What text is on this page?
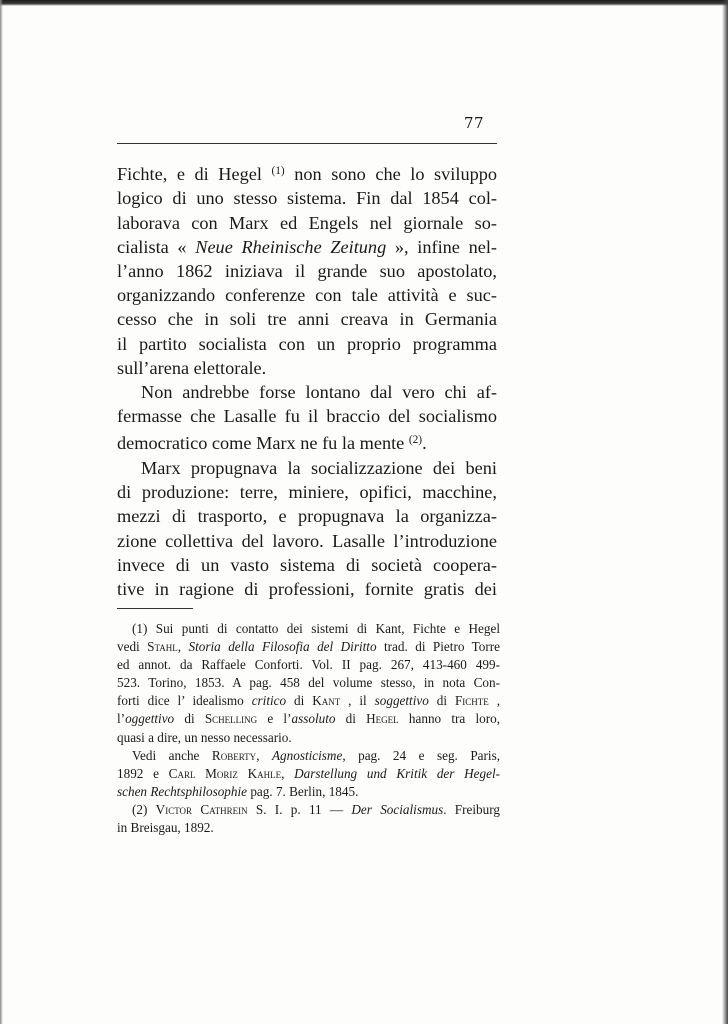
77

Fichte, e di Hegel $^{(1)}$ non sono che lo sviluppo
logico di uno stesso sistema. Fin dal 1854 col-
laborava con Marx ed Engels nel giornale so-
cialista « Neue Rheinische Zeitung », infine nel-
l’anno 1862 iniziava il grande suo apostolato,
organizzando conferenze con tale attività e suc-
cesso che in soli tre anni creava in Germania
il partito socialista con un proprio programma
sull’arena elettorale.

Non andrebbe forse lontano dal vero chi af-
fermasse che Lasalle fu il braccio del socialismo
democratico come Marx ne fu la mente $^{(2)}$.

Marx propugnava la socializzazione dei beni
di produzione: terre, miniere, opifici, macchine,
mezzi di trasporto, e propugnava la organizza-
zione collettiva del lavoro. Lasalle l’introduzione
invece di un vasto sistema di società coopera-
tive in ragione di professioni, fornite gratis dei

(1) Sui punti di contatto dei sistemi di Kant, Fichte e Hegel
vedi Stahl, Storia della Filosofia del Diritto trad. di Pietro Torre
ed annot. da Raffaele Conforti. Vol. II pag. 267, 413-460 499-
523. Torino, 1853. A pag. 458 del volume stesso, in nota Con-
forti dice l’ idealismo critico di Kant , il soggettivo di Fichte ,
l’oggettivo di Schelling e l’assoluto di Hegel hanno tra loro,
quasi a dire, un nesso necessario.
Vedi anche Roberty, Agnosticisme, pag. 24 e seg. Paris,
1892 e Carl Moriz Kahle, Darstellung und Kritik der Hegel-
schen Rechtsphilosophie pag. 7. Berlin, 1845.
(2) Victor Cathrein S. I. p. 11 — Der Socialismus. Freiburg
in Breisgau, 1892.
